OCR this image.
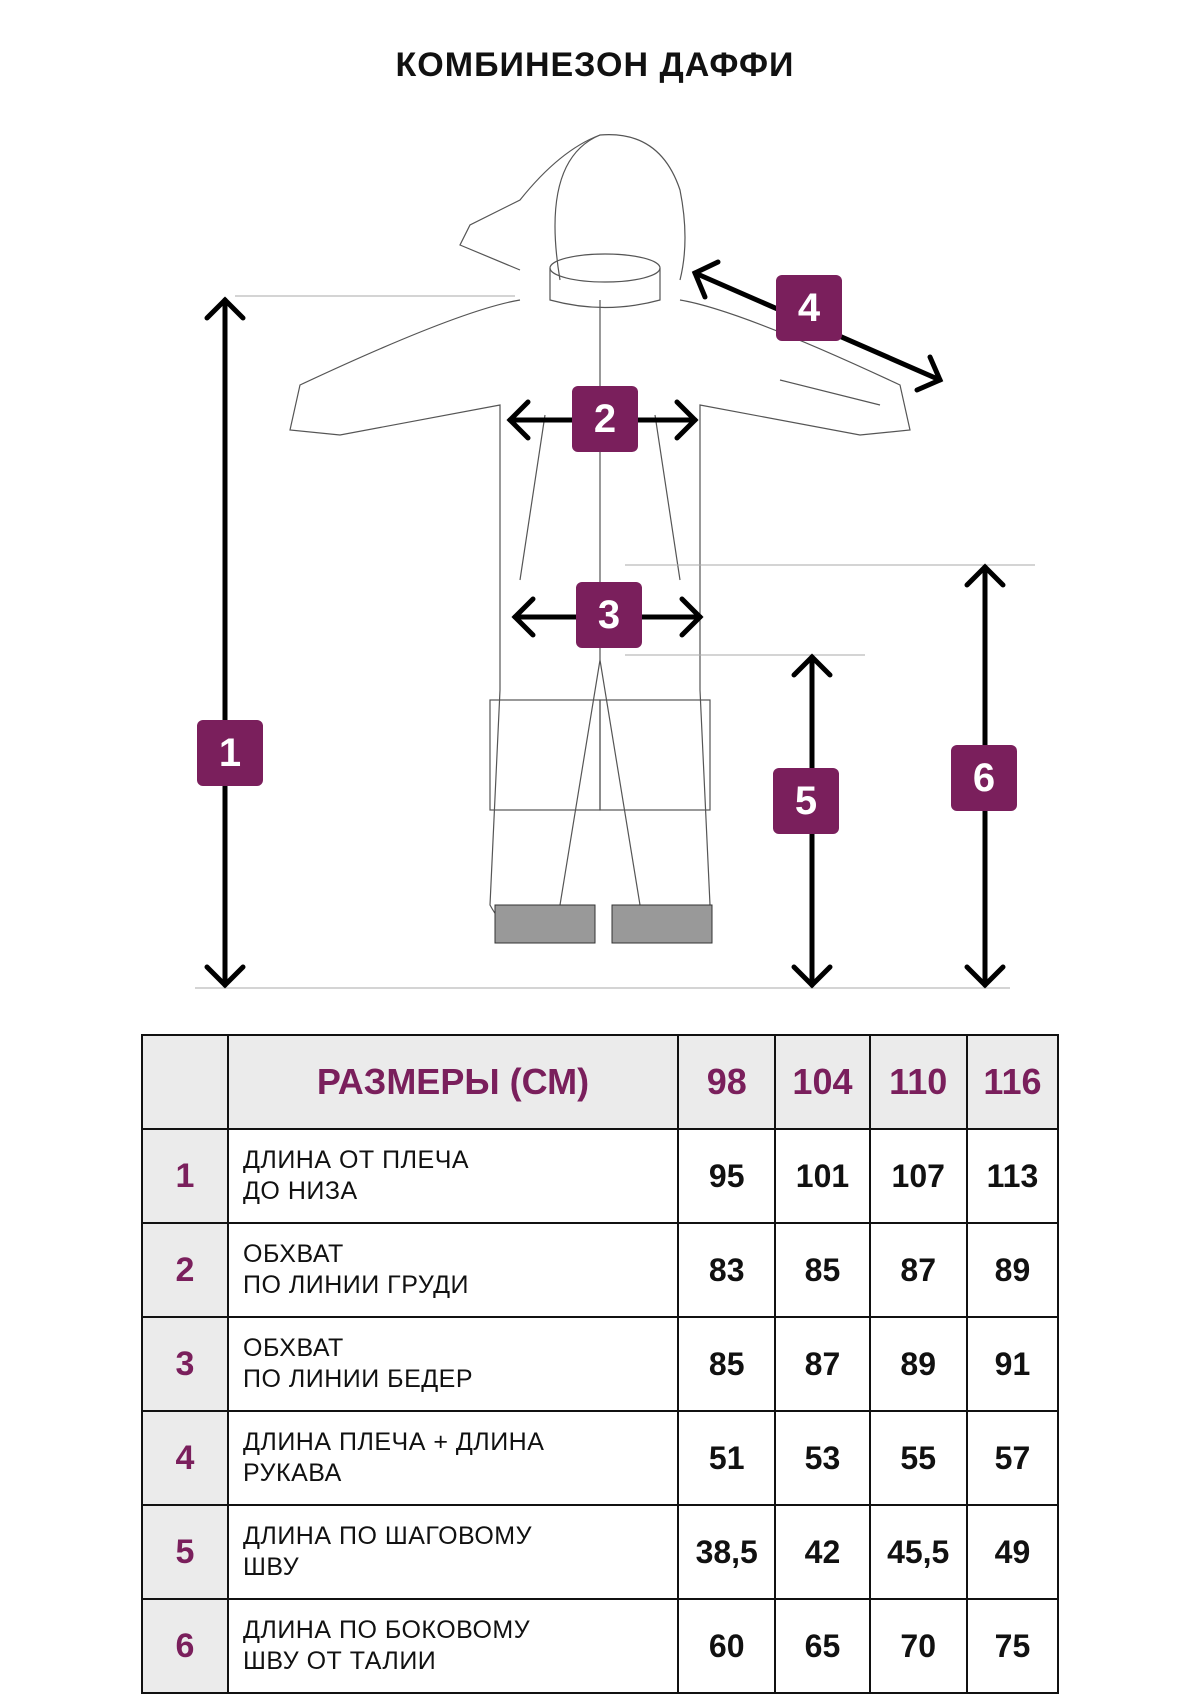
КОМБИНЕЗОН ДАФФИ
1
2
3
4
5
6
	РАЗМЕРЫ (СМ)	98	104	110	116
1	ДЛИНА ОТ ПЛЕЧА
ДО НИЗА	95	101	107	113
2	ОБХВАТ
ПО ЛИНИИ ГРУДИ	83	85	87	89
3	ОБХВАТ
ПО ЛИНИИ БЕДЕР	85	87	89	91
4	ДЛИНА ПЛЕЧА + ДЛИНА
РУКАВА	51	53	55	57
5	ДЛИНА ПО ШАГОВОМУ
ШВУ	38,5	42	45,5	49
6	ДЛИНА ПО БОКОВОМУ
ШВУ ОТ ТАЛИИ	60	65	70	75
